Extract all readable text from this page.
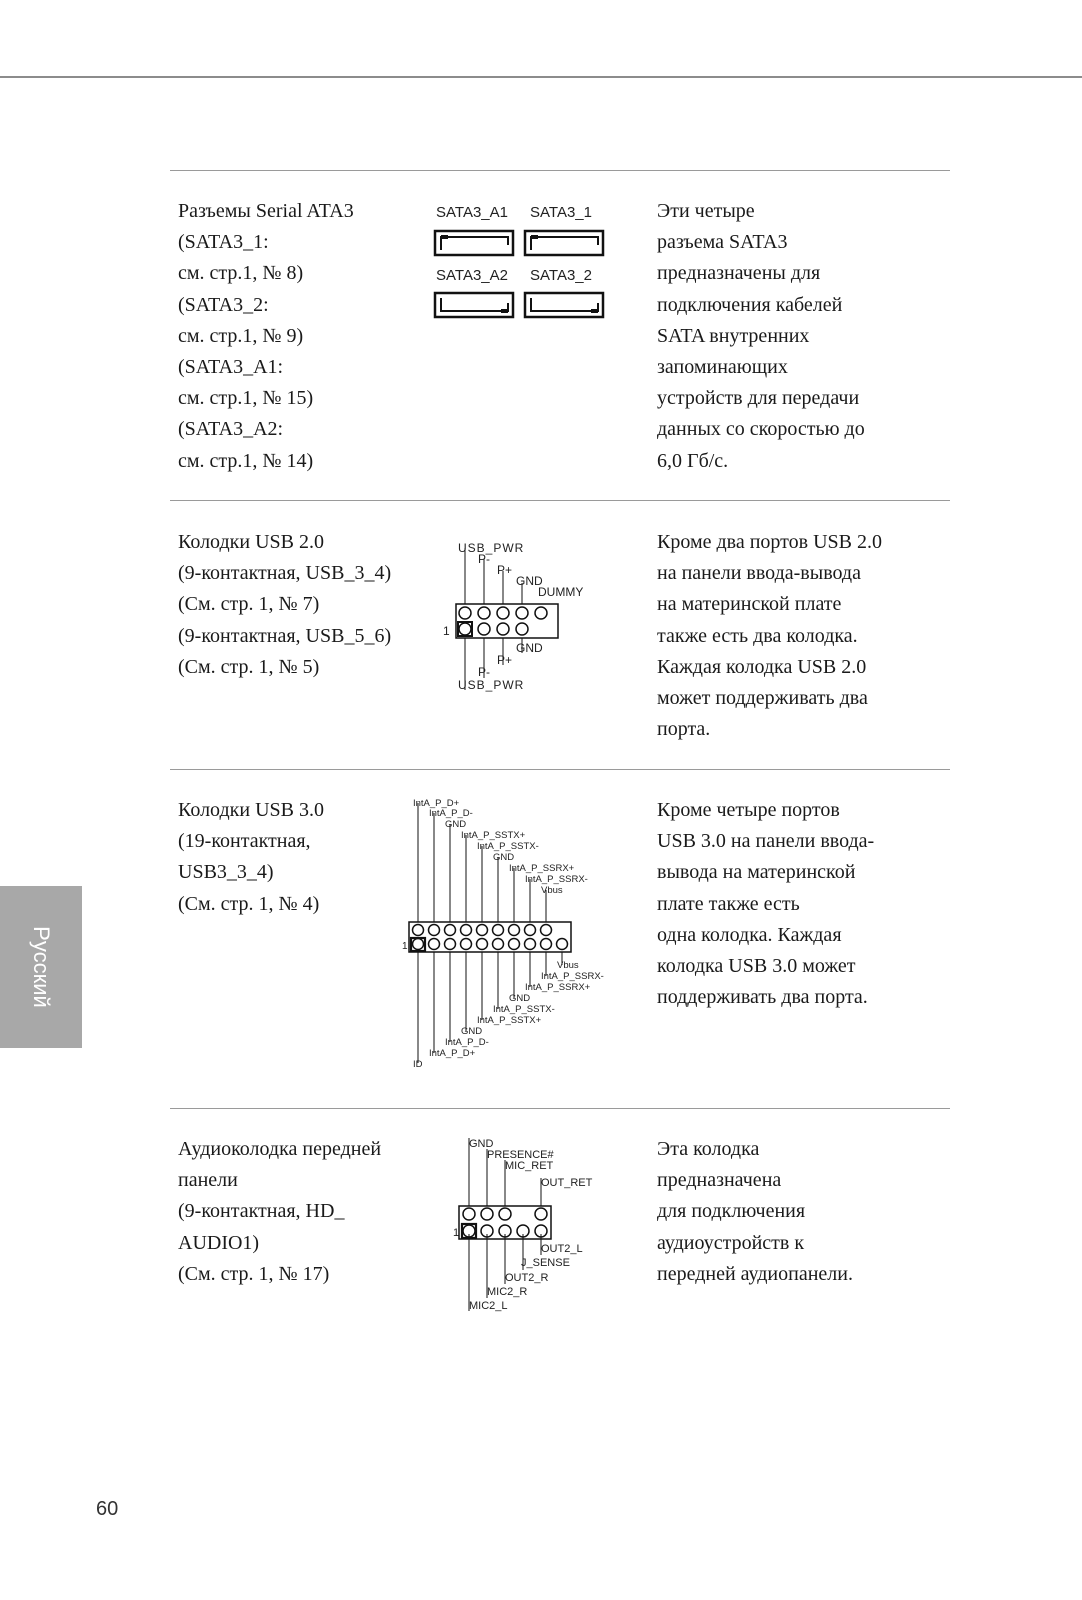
Разъемы Serial ATA3
(SATA3_1:
см. стр.1, № 8)
(SATA3_2:
см. стр.1, № 9)
(SATA3_A1:
см. стр.1, № 15)
(SATA3_A2:
см. стр.1, № 14)
SATA3_A1 SATA3_1
SATA3_A2 SATA3_2
Эти четыре
разъема SATA3
предназначены для
подключения кабелей
SATA внутренних
запоминающих
устройств для передачи
данных со скоростью до
6,0 Гб/с.
Колодки USB 2.0
(9-контактная, USB_3_4)
(См. стр. 1, № 7)
(9-контактная, USB_5_6)
(См. стр. 1, № 5)
USB_PWR
P-
P+
GND
DUMMY
1
GND
P+
P-
USB_PWR
Кроме два портов USB 2.0
на панели ввода-вывода
на материнской плате
также есть два колодка.
Каждая колодка USB 2.0
может поддерживать два
порта.
Колодки USB 3.0
(19-контактная,
USB3_3_4)
(См. стр. 1, № 4)
IntA_P_D+
IntA_P_D-
GND
IntA_P_SSTX+
IntA_P_SSTX-
GND
IntA_P_SSRX+
IntA_P_SSRX-
Vbus
1
Vbus
IntA_P_SSRX-
IntA_P_SSRX+
GND
IntA_P_SSTX-
IntA_P_SSTX+
GND
IntA_P_D-
IntA_P_D+
ID
Кроме четыре портов
USB 3.0 на панели ввода-
вывода на материнской
плате также есть
одна колодка. Каждая
колодка USB 3.0 может
поддерживать два порта.
Аудиоколодка передней
панели
(9-контактная, HD_
AUDIO1)
(См. стр. 1, № 17)
GND
PRESENCE#
MIC_RET
OUT_RET
1
OUT2_L
J_SENSE
OUT2_R
MIC2_R
MIC2_L
Эта колодка
предназначена
для подключения
аудиоустройств к
передней аудиопанели.
Русский
60
